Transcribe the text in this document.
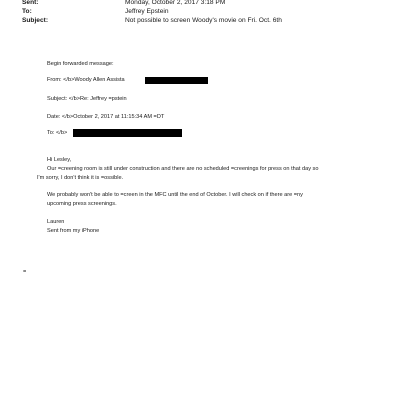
Sent:	Monday, October 2, 2017 3:18 PM
To:	Jeffrey Epstein
Subject:	Not possible to screen Woody's movie on Fri. Oct. 6th
Begin forwarded message:
From: </b>Woody Allen Assista
Subject: </b>Re: Jeffrey =pstein
Date: </b>October 2, 2017 at 11:15:34 AM =DT
To: </b>
Hi Lesley,
Our =creening room is still under construction and there are no scheduled =creenings for press on that day so
I'm sorry, I don't think it is =ossible.
We probably won't be able to =creen in the MFC until the end of October. I will check on if there are =ny
upcoming press screenings.
Lauren
Sent from my iPhone
=
